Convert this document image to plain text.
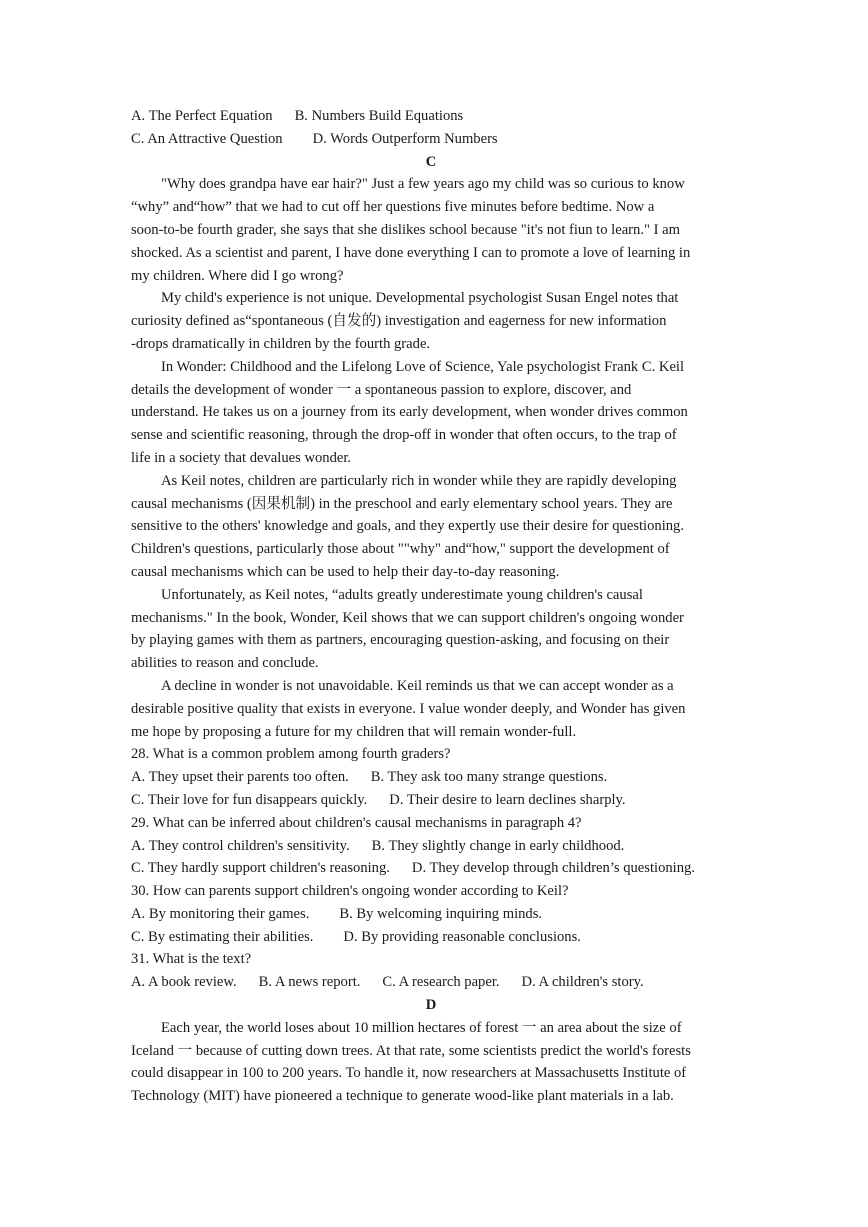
A. The Perfect Equation B. Numbers Build Equations
C. An Attractive Question D. Words Outperform Numbers
C
"Why does grandpa have ear hair?" Just a few years ago my child was so curious to know
“why” and“how” that we had to cut off her questions five minutes before bedtime. Now a
soon-to-be fourth grader, she says that she dislikes school because "it's not fiun to learn." I am
shocked. As a scientist and parent, I have done everything I can to promote a love of learning in
my children. Where did I go wrong?
My child's experience is not unique. Developmental psychologist Susan Engel notes that
curiosity defined as“spontaneous (自发的) investigation and eagerness for new information
-drops dramatically in children by the fourth grade.
In Wonder: Childhood and the Lifelong Love of Science, Yale psychologist Frank C. Keil
details the development of wonder 一 a spontaneous passion to explore, discover, and
understand. He takes us on a journey from its early development, when wonder drives common
sense and scientific reasoning, through the drop-off in wonder that often occurs, to the trap of
life in a society that devalues wonder.
As Keil notes, children are particularly rich in wonder while they are rapidly developing
causal mechanisms (因果机制) in the preschool and early elementary school years. They are
sensitive to the others' knowledge and goals, and they expertly use their desire for questioning.
Children's questions, particularly those about ""why" and“how," support the development of
causal mechanisms which can be used to help their day-to-day reasoning.
Unfortunately, as Keil notes, “adults greatly underestimate young children's causal
mechanisms." In the book, Wonder, Keil shows that we can support children's ongoing wonder
by playing games with them as partners, encouraging question-asking, and focusing on their
abilities to reason and conclude.
A decline in wonder is not unavoidable. Keil reminds us that we can accept wonder as a
desirable positive quality that exists in everyone. I value wonder deeply, and Wonder has given
me hope by proposing a future for my children that will remain wonder-full.
28. What is a common problem among fourth graders?
A. They upset their parents too often. B. They ask too many strange questions.
C. Their love for fun disappears quickly. D. Their desire to learn declines sharply.
29. What can be inferred about children's causal mechanisms in paragraph 4?
A. They control children's sensitivity. B. They slightly change in early childhood.
C. They hardly support children's reasoning. D. They develop through children’s questioning.
30. How can parents support children's ongoing wonder according to Keil?
A. By monitoring their games. B. By welcoming inquiring minds.
C. By estimating their abilities. D. By providing reasonable conclusions.
31. What is the text?
A. A book review. B. A news report. C. A research paper. D. A children's story.
D
Each year, the world loses about 10 million hectares of forest 一 an area about the size of
Iceland 一 because of cutting down trees. At that rate, some scientists predict the world's forests
could disappear in 100 to 200 years. To handle it, now researchers at Massachusetts Institute of
Technology (MIT) have pioneered a technique to generate wood-like plant materials in a lab.
